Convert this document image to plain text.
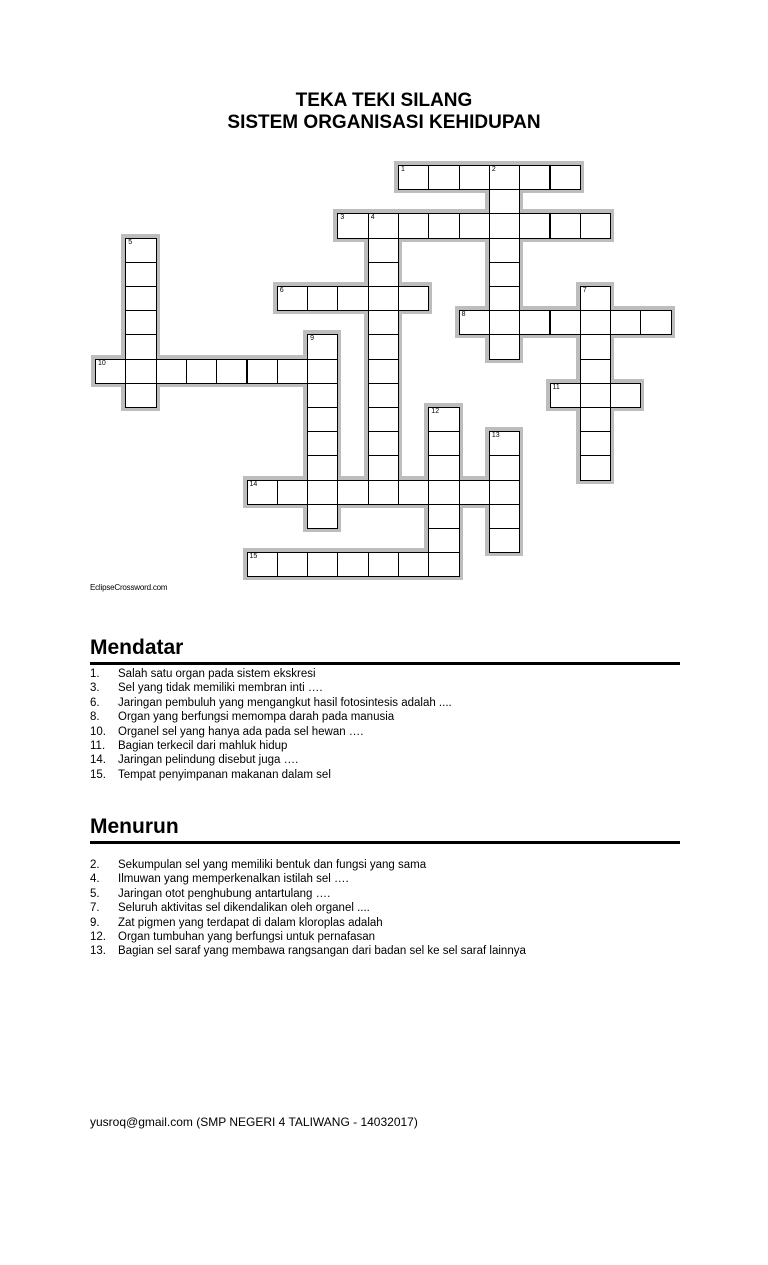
TEKA TEKI SILANG
SISTEM ORGANISASI KEHIDUPAN
1	2
3	4
6
8
10
11
14
15
5
7
9
12
13
EclipseCrossword.com
Mendatar
1.	Salah satu organ pada sistem ekskresi
3.	Sel yang tidak memiliki membran inti ….
6.	Jaringan pembuluh yang mengangkut hasil fotosintesis adalah ....
8.	Organ yang berfungsi memompa darah pada manusia
10.	Organel sel yang hanya ada pada sel hewan ….
11.	Bagian terkecil dari mahluk hidup
14.	Jaringan pelindung disebut juga ….
15.	Tempat penyimpanan makanan dalam sel
Menurun
2.	Sekumpulan sel yang memiliki bentuk dan fungsi yang sama
4.	Ilmuwan yang memperkenalkan istilah sel ….
5.	Jaringan otot penghubung antartulang ….
7.	Seluruh aktivitas sel dikendalikan oleh organel ....
9.	Zat pigmen yang terdapat di dalam kloroplas adalah
12.	Organ tumbuhan yang berfungsi untuk pernafasan
13.	Bagian sel saraf yang membawa rangsangan dari badan sel ke sel saraf lainnya
yusroq@gmail.com (SMP NEGERI 4 TALIWANG - 14032017)
